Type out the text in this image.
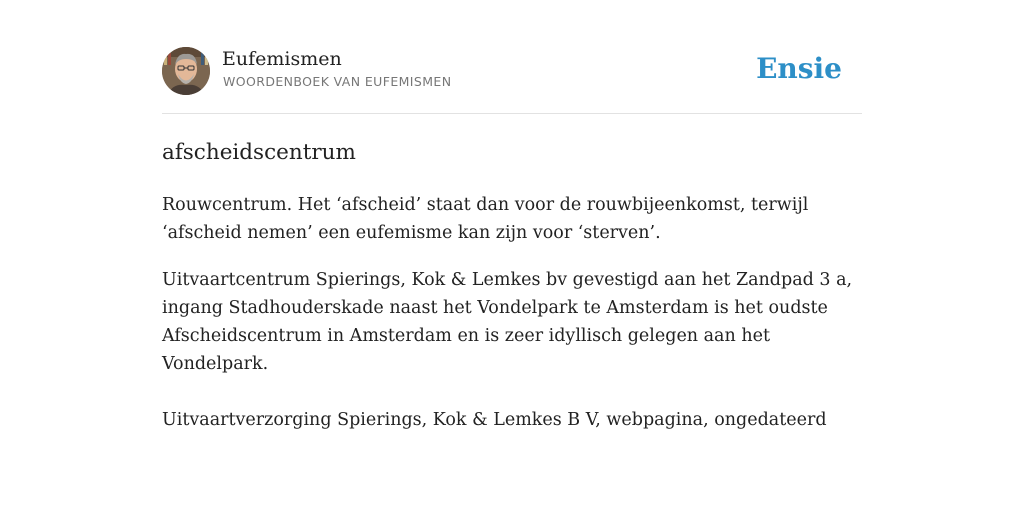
Eufemismen
WOORDENBOEK VAN EUFEMISMEN	Ensie
afscheidscentrum

Rouwcentrum. Het ‘afscheid’ staat dan voor de rouwbijeenkomst, terwijl ‘afscheid nemen’ een eufemisme kan zijn voor ‘sterven’.

Uitvaartcentrum Spierings, Kok & Lemkes bv gevestigd aan het Zandpad 3 a, ingang Stadhouderskade naast het Vondelpark te Amsterdam is het oudste Afscheidscentrum in Amsterdam en is zeer idyllisch gelegen aan het Vondelpark.

Uitvaartverzorging Spierings, Kok & Lemkes B V, webpagina, ongedateerd
